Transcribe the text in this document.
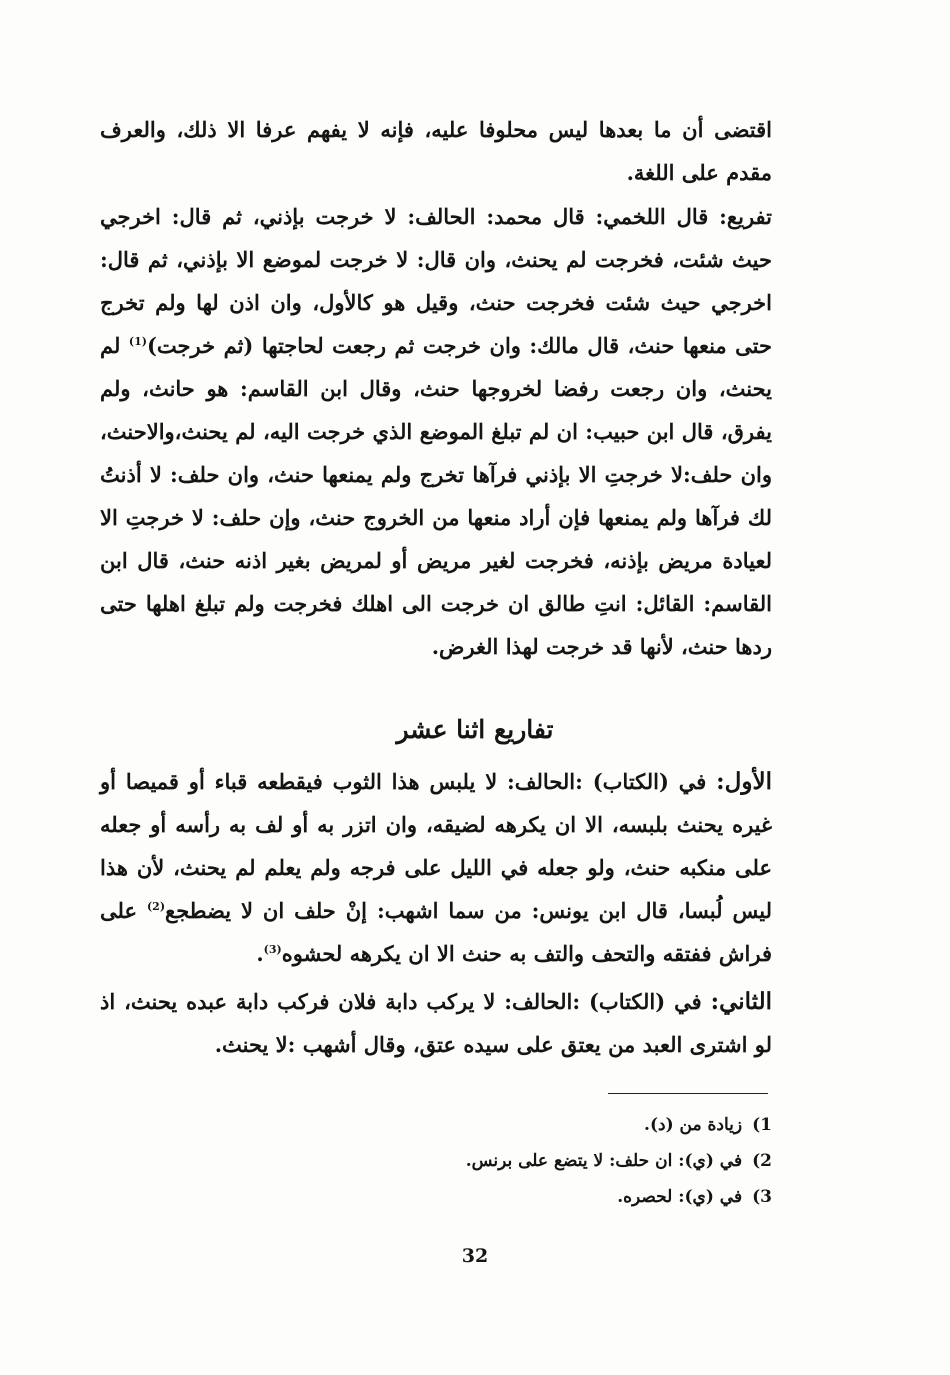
اقتضى أن ما بعدها ليس محلوفا عليه، فإنه لا يفهم عرفا الا ذلك، والعرف مقدم على اللغة.
تفريع: قال اللخمي: قال محمد: الحالف: لا خرجت بإذني، ثم قال: اخرجي حيث شئت، فخرجت لم يحنث، وان قال: لا خرجت لموضع الا بإذني، ثم قال: اخرجي حيث شئت فخرجت حنث، وقيل هو كالأول، وان اذن لها ولم تخرج حتى منعها حنث، قال مالك: وان خرجت ثم رجعت لحاجتها (ثم خرجت)$^{(1)}$ لم يحنث، وان رجعت رفضا لخروجها حنث، وقال ابن القاسم: هو حانث، ولم يفرق، قال ابن حبيب: ان لم تبلغ الموضع الذي خرجت اليه، لم يحنث،والاحنث، وان حلف:لا خرجتِ الا بإذني فرآها تخرج ولم يمنعها حنث، وان حلف: لا أذنتُ لك فرآها ولم يمنعها فإن أراد منعها من الخروج حنث، وإن حلف: لا خرجتِ الا لعيادة مريض بإذنه، فخرجت لغير مريض أو لمريض بغير اذنه حنث، قال ابن القاسم: القائل: انتِ طالق ان خرجت الى اهلك فخرجت ولم تبلغ اهلها حتى ردها حنث، لأنها قد خرجت لهذا الغرض.
تفاريع اثنا عشر
الأول: في (الكتاب) :الحالف: لا يلبس هذا الثوب فيقطعه قباء أو قميصا أو غيره يحنث بلبسه، الا ان يكرهه لضيقه، وان اتزر به أو لف به رأسه أو جعله على منكبه حنث، ولو جعله في الليل على فرجه ولم يعلم لم يحنث، لأن هذا ليس لُبسا، قال ابن يونس: من سما اشهب: إنْ حلف ان لا يضطجع$^{(2)}$ على فراش ففتقه والتحف والتف به حنث الا ان يكرهه لحشوه$^{(3)}$.
الثاني: في (الكتاب) :الحالف: لا يركب دابة فلان فركب دابة عبده يحنث، اذ لو اشترى العبد من يعتق على سيده عتق، وقال أشهب :لا يحنث.
1)زيادة من (د).
2)في (ي): ان حلف: لا يتضع على برنس.
3)في (ي): لحصره.
32
